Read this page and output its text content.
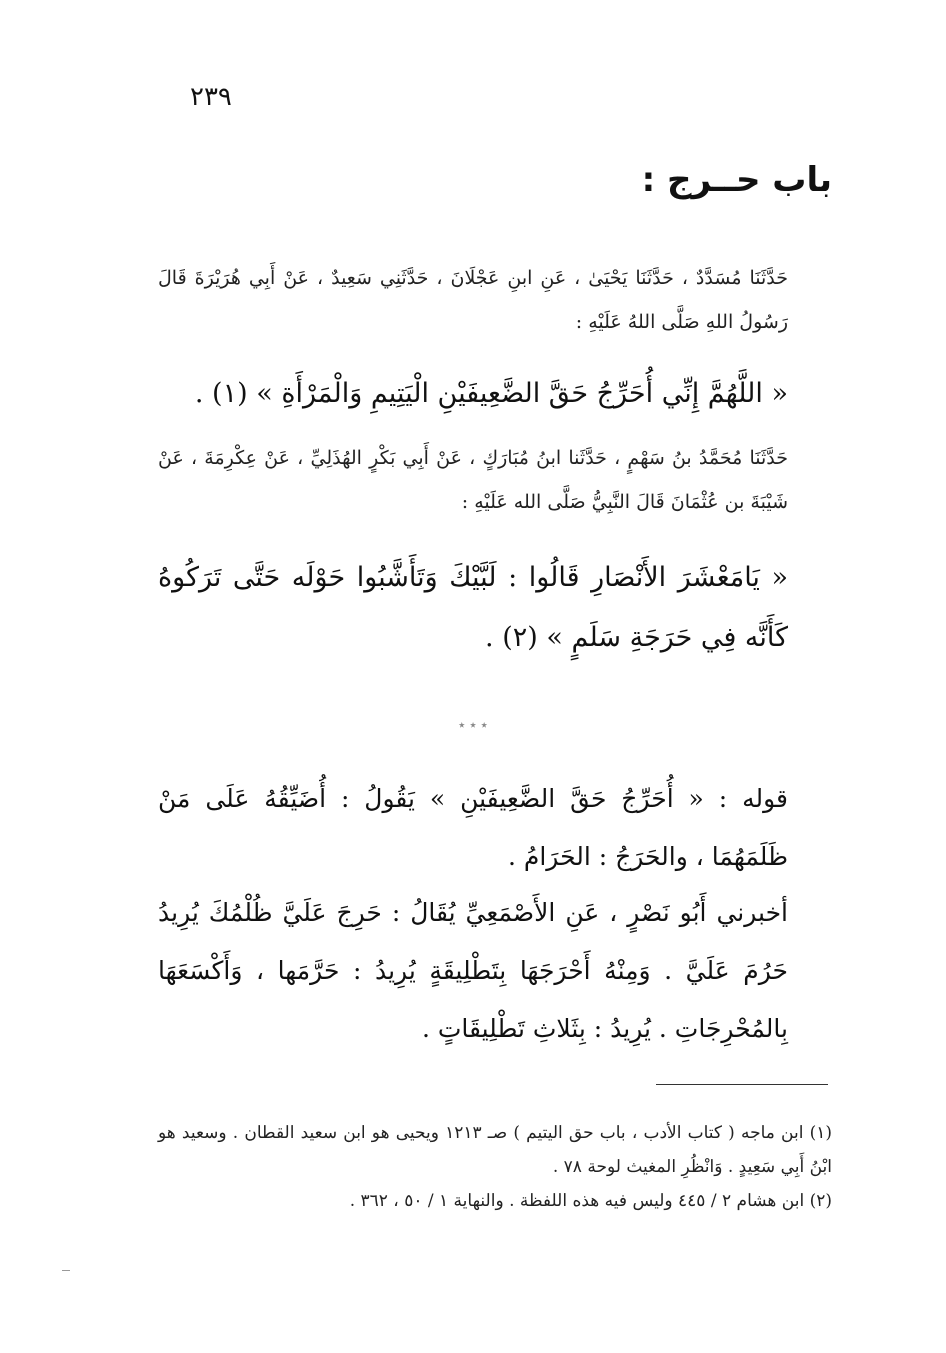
٢٣٩
باب حــرج :
حَدَّثَنَا مُسَدَّدٌ ، حَدَّثَنَا يَحْيَىٰ ، عَنِ ابنِ عَجْلَانَ ، حَدَّثَنِي سَعِيدٌ ، عَنْ أَبِي هُرَيْرَةَ قَالَ رَسُولُ اللهِ صَلَّى اللهُ عَلَيْهِ :
« اللَّهُمَّ إِنِّي أُحَرِّجُ حَقَّ الضَّعِيفَيْنِ الْيَتِيمِ وَالْمَرْأَةِ » (١) .
حَدَّثَنَا مُحَمَّدُ بنُ سَهْمٍ ، حَدَّثَنا ابنُ مُبَارَكٍ ، عَنْ أَبِي بَكْرٍ الهُذَلِيِّ ، عَنْ عِكْرِمَةَ ، عَنْ شَيْبَةَ بن عُثْمَانَ قَالَ النَّبِيُّ صَلَّى الله عَلَيْهِ :
« يَامَعْشَرَ الأَنْصَارِ قَالُوا : لَبَّيْكَ وَتَأَشَّبُوا حَوْلَه حَتَّى تَرَكُوهُ كَأَنَّه فِي حَرَجَةِ سَلَمٍ » (٢) .
٭ ٭ ٭
قوله : « أُحَرِّجُ حَقَّ الضَّعِيفَيْنِ » يَقُولُ : أُضَيِّقُهُ عَلَى مَنْ ظَلَمَهُمَا ، والحَرَجُ : الحَرَامُ .
أخبرني أَبُو نَصْرٍ ، عَنِ الأَصْمَعِيِّ يُقَالُ : حَرِجَ عَلَيَّ ظُلْمُكَ يُرِيدُ حَرُمَ عَلَيَّ . وَمِنْهُ أَحْرَجَهَا بِتَطْلِيقَةٍ يُرِيدُ : حَرَّمَها ، وَأَكْسَعَهَا بِالمُحْرِجَاتِ . يُرِيدُ : بِثَلاثِ تَطْلِيقَاتٍ .

(١) ابن ماجه ( كتاب الأدب ، باب حق اليتيم ) صـ ١٢١٣ ويحيى هو ابن سعيد القطان . وسعيد هو ابْنُ أَبِي سَعِيدٍ . وَانْظُرِ المغيث لوحة ٧٨ .

(٢) ابن هشام ٢ / ٤٤٥ وليس فيه هذه اللفظة . والنهاية ١ / ٥٠ ، ٣٦٢ .
